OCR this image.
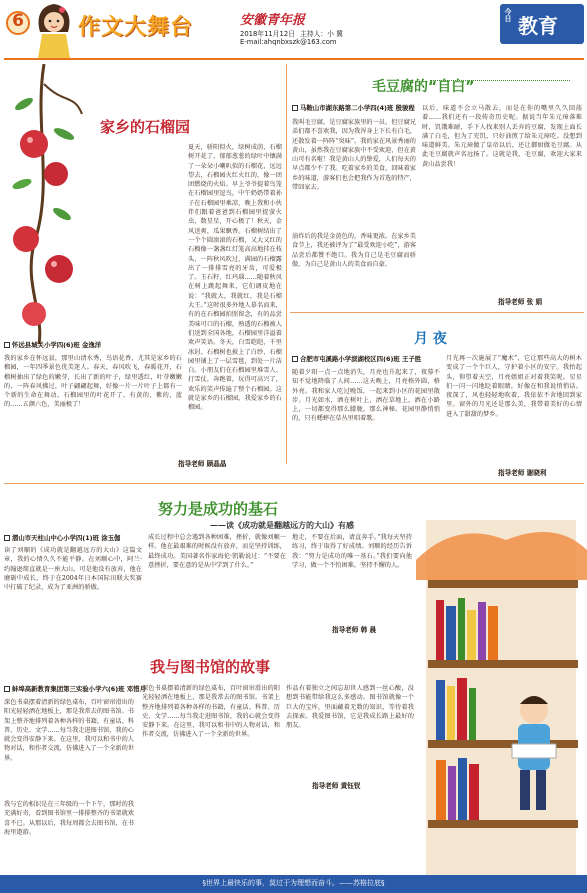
6 作文大舞台	安徽青年报
2018年11月12日 主持人：小 冀
E-mail:ahqnbxszk@163.com
今日 教育
家乡的石榴园
夏天，骄阳似火，绿树成荫，石榴树开花了，郁郁葱葱的绿叶中镶满了一朵朵小喇叭似的石榴花，远远望去，石榴园火红火红的，像一团团燃烧的火焰。早上爷爷提着鸟笼在石榴园里逗鸟，中午奶奶带着孙子在石榴园里乘凉，晚上我和小伙伴们跟着爸爸到石榴园里捉萤火虫，数星星，开心极了！秋天，金风送爽，瓜果飘香。石榴树结出了一个个圆滚滚的石榴，又大又红的石榴像一盏盏红灯笼高高地挂在枝头，一阵秋风吹过，满园的石榴露出了一排排雪亮的牙齿，可爱极了。玉石籽、红玛瑙……随着秋风在树上跳起舞来，它们调皮地在说：“我就大，我就红，我是石榴大王。”这时很多外地人慕名而来，有的在石榴园拍照留念，有的品尝美味可口的石榴，熟透的石榴被人们送到全国各地，石榴园里洋溢着欢声笑语。冬天，白雪皑皑，千里冰封。石榴树也披上了白纱，石榴园里铺上了一层雪毯，到处一片洁白。小朋友们在石榴园里堆雪人、打雪仗，奔跑着，玩得可高兴了，欢乐的笑声传遍了整个石榴园。这就是家乡的石榴园，我爱家乡的石榴园。
怀远县城关小学四(6)班 金逸洋
我的家乡在怀远县，那里山清水秀，鸟语花香，尤其是家乡的石榴园，一年四季景色优美迷人。春天，春风吹飞，春暖花开，石榴树抽出了绿色的嫩芽，长出了新的叶子，绿里透红，叶芽嫩嫩的，一阵春风拂过，叶子翩翩起舞，好像一片一片叶子上都有一个新的生命在舞动。石榴园里的叶花开了，有黄的，紫的，蓝的……五颜六色，美丽极了！
指导老师 顾晶晶
毛豆腐的“自白”
马鞍山市湖东路第二小学四(4)班 殷骏程
我叫毛豆腐，是豆腐家族里的一员。但豆腐兄弟们都不喜欢我，因为我浑身上下长有白毛，还散发着一阵阵“臭味”。我的家在风景秀丽的黄山，虽然我在豆腐家族中不受欢迎，但在黄山可有名啦！我是黄山人的挚爱，人们每天的早点都少不了我。吃着家乡的美食，回味着家乡的味道，游客们也会把我作为首选的特产，带回家去。
油炸后的我是金黄色的，香味更浓。在家乡美食节上，我还被评为了“最受欢迎小吃”，游客品尝后都赞不绝口。我为自己是毛豆腐而骄傲，为自己是黄山人的美食而自豪。
以后，味道不会立马散去，而是在你的嘴里久久回荡着……我们还有一段传奇历史呢。据说当年朱元璋落难时，饥饿难耐，手下人找来别人丢弃的豆腐，发现上面长满了白毛，但为了充饥，只好油煎了给朱元璋吃。没想到味道鲜美。朱元璋做了皇帝以后，还让御厨做毛豆腐。从此毛豆腐就声名远扬了。这就是我，毛豆腐，欢迎大家来黄山品尝我！
指导老师 张 娟
月 夜
合肥市屯溪路小学滨湖校区四(6)班 王子胜
随着夕阳一点一点地消失，月亮也升起来了，夜幕不知不觉地降临了人间……这天晚上，月亮格外圆，格外亮。我和家人吃过晚饭，一起来到小区的花园里散步。月光如水，洒在树叶上，洒在草地上，洒在小路上，一切都变得那么朦胧，那么神秘。花园里静悄悄的，只有蟋蟀在草丛里唱着歌。
月光再一次施展了“魔术”，它让那些高大的树木变成了一个个巨人，守护着小区的安宁。我抬起头，仰望着天空，月亮姐姐正对着我笑呢。星星们一闪一闪地眨着眼睛，好像在和我说悄悄话。夜深了，风也轻轻地吹着，我依依不舍地回到家里。窗外的月光还是那么美，我带着美好的心情进入了甜甜的梦乡。
指导老师 谢晓利
努力是成功的基石
——读《成功就是翻越远方的大山》有感
潜山市天柱山中心小学四(1)班 涂玉伽
读了刘顺的《成功就是翻越远方的大山》这篇文章，我的心情久久不能平静。在刘顺心中，阿兰·约翰逊简直就是一座大山。可是他没有放弃，他在磨砺中成长，终于在2004年日本国际田联大奖赛中打破了纪录，成为了亚洲的骄傲。
成长过程中总会遇到各种困难，挫折，就像刘顺一样。他在最艰难的时候没有放弃，而是坚持训练，最终成功。美国著名作家海伦·凯勒说过：“不要在意挫折，要在意的是从中学到了什么。”
地走，不要在后面，请直奔手。”我每天坚持练习，终于取得了好成绩。刘顺的经历告诉我：“努力是成功的唯一基石。”我们要向他学习，做一个不怕困难，坚持不懈的人。
指导老师 韩 晨
我与图书馆的故事
蚌埠高新教育集团第三实验小学六(6)班 邓惜月
深色书桌摆着清新的绿色桌布，百叶窗帘滑出的阳光轻轻洒在地板上，那是我常去的图书馆。书架上整齐地排列着各种各样的书籍，有童话、科普、历史、文学……每当我走进图书馆，我的心就会变得安静下来。在这里，我可以和书中的人物对话，和作者交流，仿佛进入了一个全新的世界。
我与它的相识是在三年级的一个下午，那时的我充满好奇，看到图书馆里一排排整齐的书架就欢喜不已。从那以后，我每周都会去图书馆，在书海里遨游。
深色书桌摆着清新的绿色桌布，百叶窗帘滑出的阳光轻轻洒在地板上，那是我常去的图书馆。书架上整齐地排列着各种各样的书籍，有童话、科普、历史、文学……每当我走进图书馆，我的心就会变得安静下来。在这里，我可以和书中的人物对话，和作者交流，仿佛进入了一个全新的世界。
作品有着独立之间忘却世人感到一丝心酸，没想到书能带给我这么多感动。图书馆就像一个巨大的宝库，里面藏着无数的知识，等待着我去探索。我爱图书馆，它是我成长路上最好的朋友。
指导老师 黄钰钗
§世界上最快乐的事，莫过于为理想而奋斗。——苏格拉底§
